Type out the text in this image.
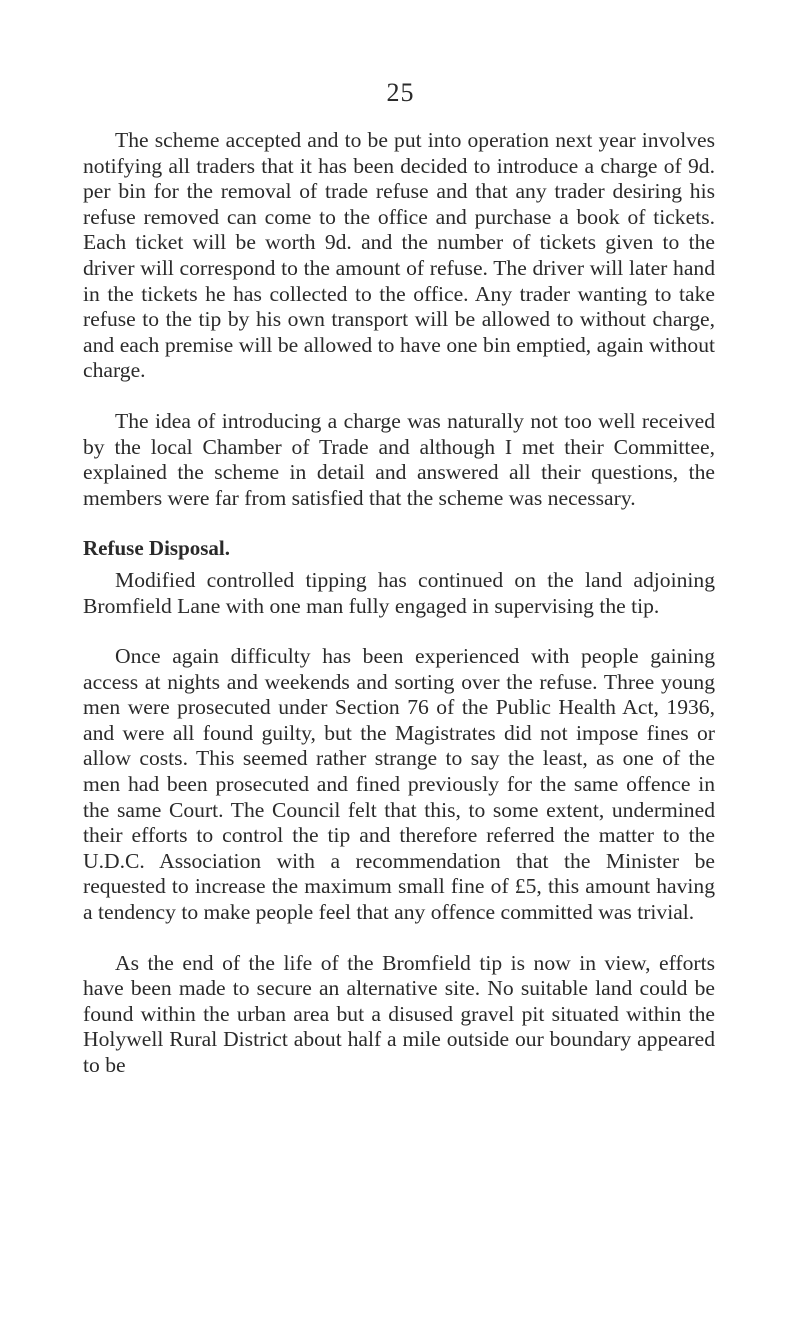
25

The scheme accepted and to be put into operation next year involves notifying all traders that it has been decided to introduce a charge of 9d. per bin for the removal of trade refuse and that any trader desiring his refuse removed can come to the office and purchase a book of tickets. Each ticket will be worth 9d. and the number of tickets given to the driver will correspond to the amount of refuse. The driver will later hand in the tickets he has collected to the office. Any trader wanting to take refuse to the tip by his own transport will be allowed to without charge, and each premise will be allowed to have one bin emptied, again without charge.

The idea of introducing a charge was naturally not too well received by the local Chamber of Trade and although I met their Committee, explained the scheme in detail and answered all their questions, the members were far from satisfied that the scheme was necessary.

Refuse Disposal.

Modified controlled tipping has continued on the land adjoining Bromfield Lane with one man fully engaged in supervising the tip.

Once again difficulty has been experienced with people gaining access at nights and weekends and sorting over the refuse. Three young men were prosecuted under Section 76 of the Public Health Act, 1936, and were all found guilty, but the Magistrates did not impose fines or allow costs. This seemed rather strange to say the least, as one of the men had been prosecuted and fined previously for the same offence in the same Court. The Council felt that this, to some extent, undermined their efforts to control the tip and therefore referred the matter to the U.D.C. Association with a recommendation that the Minister be requested to increase the maximum small fine of £5, this amount having a tendency to make people feel that any offence committed was trivial.

As the end of the life of the Bromfield tip is now in view, efforts have been made to secure an alternative site. No suitable land could be found within the urban area but a disused gravel pit situated within the Holywell Rural District about half a mile outside our boundary appeared to be
